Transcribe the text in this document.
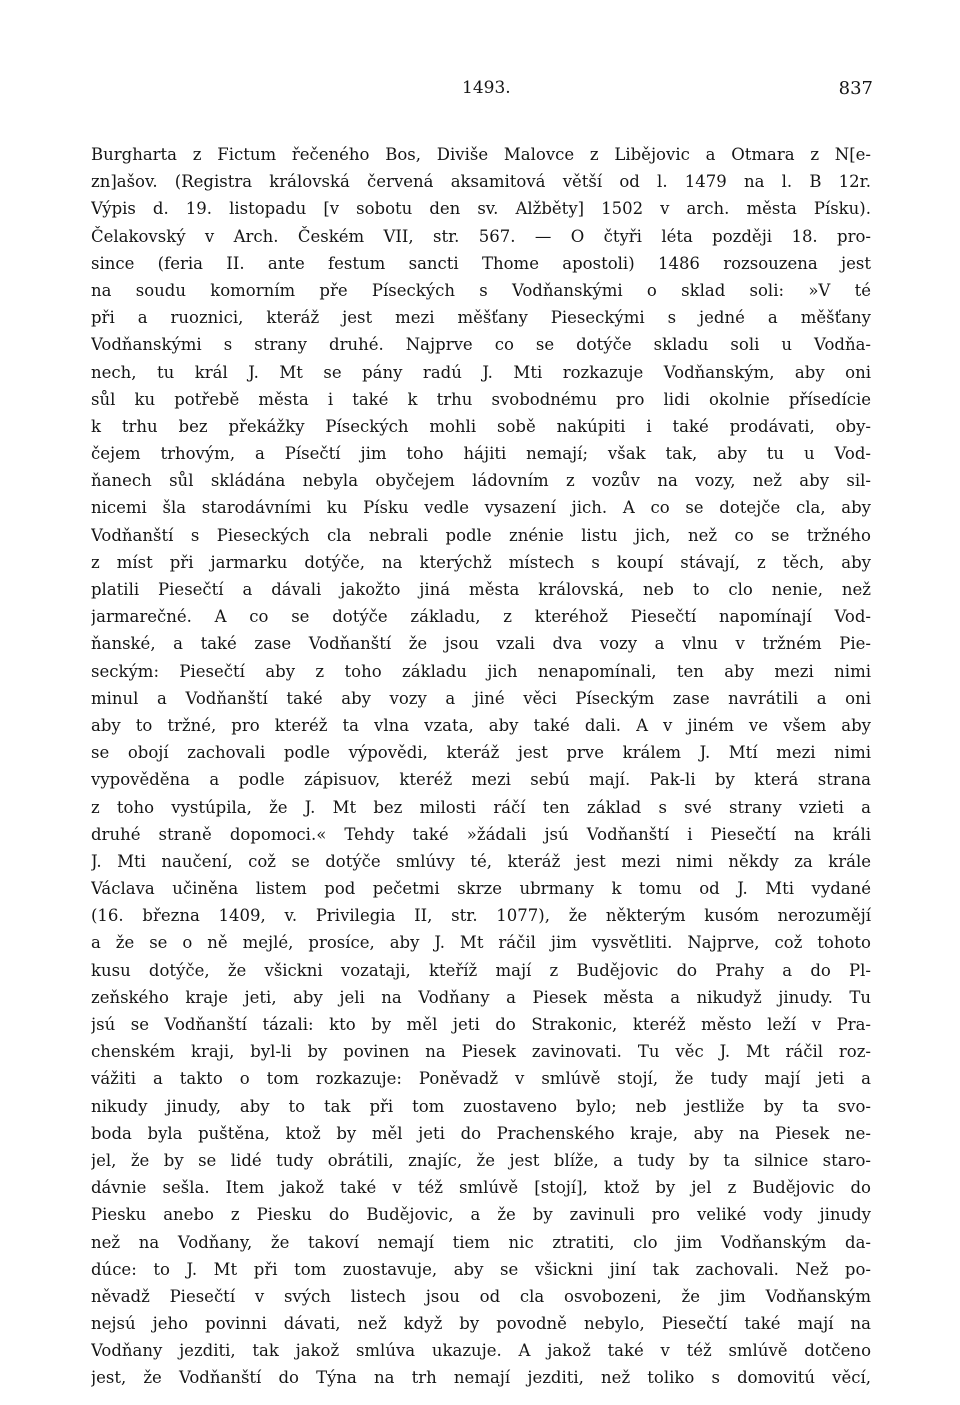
1493.	837
Burgharta z Fictum řečeného Bos, Diviše Malovce z Libějovic a Otmara z N[e-
zn]ašov. (Registra královská červená aksamitová větší od l. 1479 na l. B 12r.
Výpis d. 19. listopadu [v sobotu den sv. Alžběty] 1502 v arch. města Písku).
Čelakovský v Arch. Českém VII, str. 567. — O čtyři léta později 18. pro-
since (feria II. ante festum sancti Thome apostoli) 1486 rozsouzena jest
na soudu komorním pře Píseckých s Vodňanskými o sklad soli: »V té
při a ruoznici, kteráž jest mezi měšťany Pieseckými s jedné a měšťany
Vodňanskými s strany druhé. Najprve co se dotýče skladu soli u Vodňa-
nech, tu král J. Mt se pány radú J. Mti rozkazuje Vodňanským, aby oni
sůl ku potřebě města i také k trhu svobodnému pro lidi okolnie přísedície
k trhu bez překážky Píseckých mohli sobě nakúpiti i také prodávati, oby-
čejem trhovým, a Písečtí jim toho hájiti nemají; však tak, aby tu u Vod-
ňanech sůl skládána nebyla obyčejem ládovním z vozův na vozy, než aby sil-
nicemi šla starodávními ku Písku vedle vysazení jich. A co se dotejče cla, aby
Vodňanští s Pieseckých cla nebrali podle znénie listu jich, než co se tržného
z míst při jarmarku dotýče, na kterýchž místech s koupí stávají, z těch, aby
platili Piesečtí a dávali jakožto jiná města královská, neb to clo nenie, než
jarmarečné. A co se dotýče základu, z kteréhož Piesečtí napomínají Vod-
ňanské, a také zase Vodňanští že jsou vzali dva vozy a vlnu v tržném Pie-
seckým: Piesečtí aby z toho základu jich nenapomínali, ten aby mezi nimi
minul a Vodňanští také aby vozy a jiné věci Píseckým zase navrátili a oni
aby to tržné, pro kteréž ta vlna vzata, aby také dali. A v jiném ve všem aby
se obojí zachovali podle výpovědi, kteráž jest prve králem J. Mtí mezi nimi
vypověděna a podle zápisuov, kteréž mezi sebú mají. Pak-li by která strana
z toho vystúpila, že J. Mt bez milosti ráčí ten základ s své strany vzieti a
druhé straně dopomoci.« Tehdy také »žádali jsú Vodňanští i Piesečtí na králi
J. Mti naučení, což se dotýče smlúvy té, kteráž jest mezi nimi někdy za krále
Václava učiněna listem pod pečetmi skrze ubrmany k tomu od J. Mti vydané
(16. března 1409, v. Privilegia II, str. 1077), že některým kusóm nerozumějí
a že se o ně mejlé, prosíce, aby J. Mt ráčil jim vysvětliti. Najprve, což tohoto
kusu dotýče, že všickni vozataji, kteříž mají z Budějovic do Prahy a do Pl-
zeňského kraje jeti, aby jeli na Vodňany a Piesek města a nikudyž jinudy. Tu
jsú se Vodňanští tázali: kto by měl jeti do Strakonic, kteréž město leží v Pra-
chenském kraji, byl-li by povinen na Piesek zavinovati. Tu věc J. Mt ráčil roz-
vážiti a takto o tom rozkazuje: Poněvadž v smlúvě stojí, že tudy mají jeti a
nikudy jinudy, aby to tak při tom zuostaveno bylo; neb jestliže by ta svo-
boda byla puštěna, ktož by měl jeti do Prachenského kraje, aby na Piesek ne-
jel, že by se lidé tudy obrátili, znajíc, že jest blíže, a tudy by ta silnice staro-
dávnie sešla. Item jakož také v též smlúvě [stojí], ktož by jel z Budějovic do
Piesku anebo z Piesku do Budějovic, a že by zavinuli pro veliké vody jinudy
než na Vodňany, že takoví nemají tiem nic ztratiti, clo jim Vodňanským da-
dúce: to J. Mt při tom zuostavuje, aby se všickni jiní tak zachovali. Než po-
něvadž Piesečtí v svých listech jsou od cla osvobozeni, že jim Vodňanským
nejsú jeho povinni dávati, než když by povodně nebylo, Piesečtí také mají na
Vodňany jezditi, tak jakož smlúva ukazuje. A jakož také v též smlúvě dotčeno
jest, že Vodňanští do Týna na trh nemají jezditi, než toliko s domovitú věcí,
